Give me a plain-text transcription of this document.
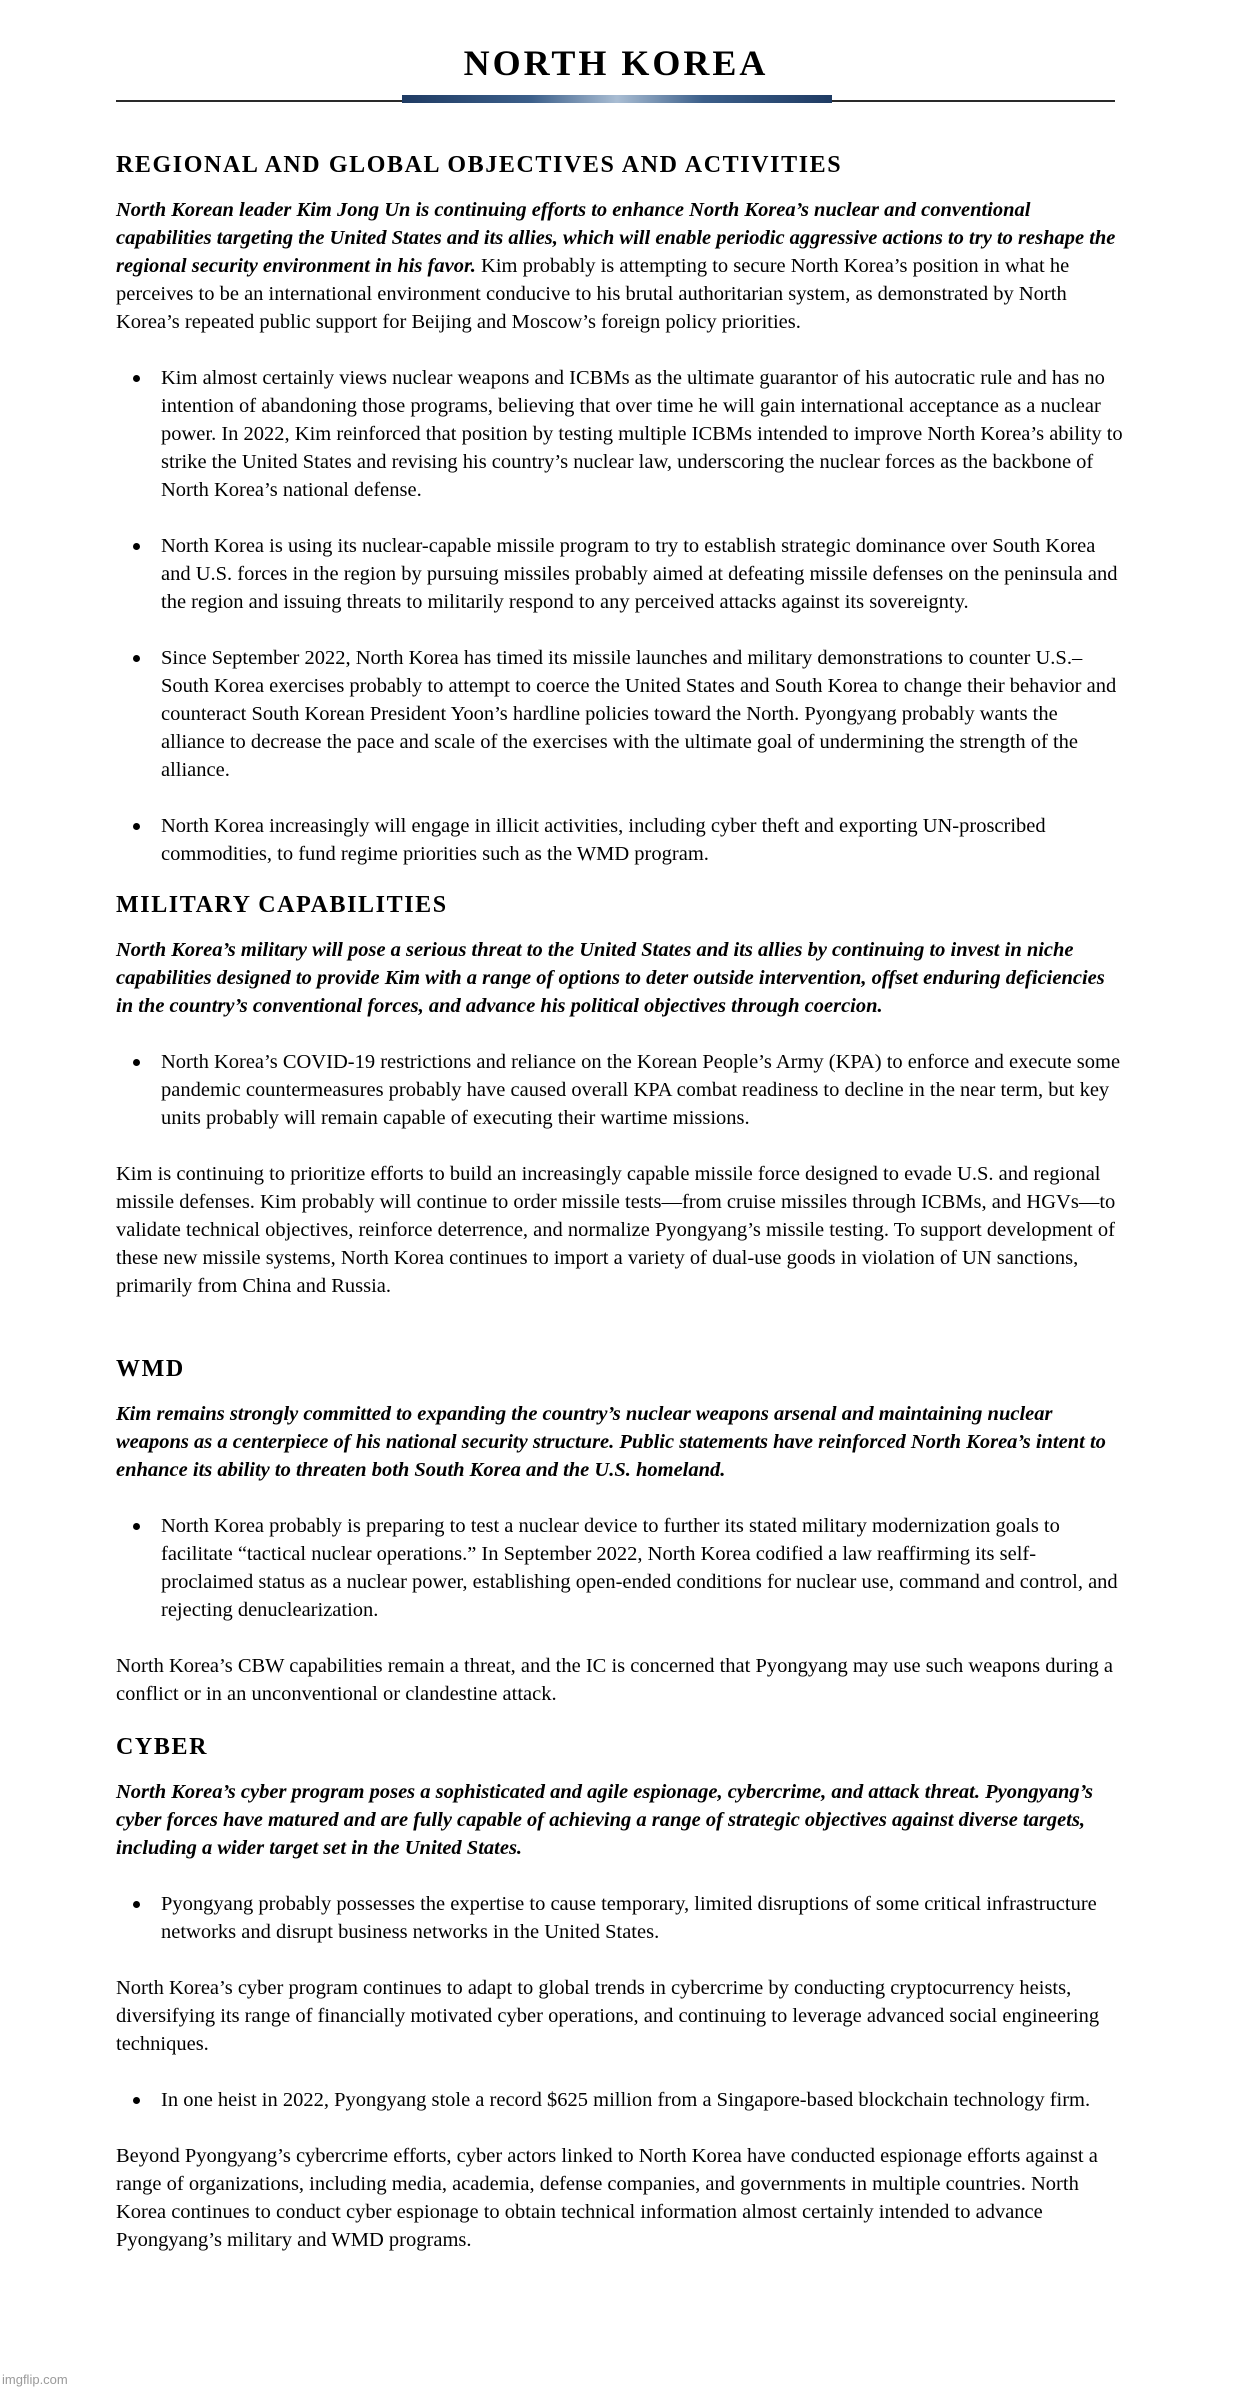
NORTH KOREA
REGIONAL AND GLOBAL OBJECTIVES AND ACTIVITIES

North Korean leader Kim Jong Un is continuing efforts to enhance North Korea’s nuclear and conventional capabilities targeting the United States and its allies, which will enable periodic aggressive actions to try to reshape the regional security environment in his favor. Kim probably is attempting to secure North Korea’s position in what he perceives to be an international environment conducive to his brutal authoritarian system, as demonstrated by North Korea’s repeated public support for Beijing and Moscow’s foreign policy priorities.

Kim almost certainly views nuclear weapons and ICBMs as the ultimate guarantor of his autocratic rule and has no intention of abandoning those programs, believing that over time he will gain international acceptance as a nuclear power. In 2022, Kim reinforced that position by testing multiple ICBMs intended to improve North Korea’s ability to strike the United States and revising his country’s nuclear law, underscoring the nuclear forces as the backbone of North Korea’s national defense.
North Korea is using its nuclear-capable missile program to try to establish strategic dominance over South Korea and U.S. forces in the region by pursuing missiles probably aimed at defeating missile defenses on the peninsula and the region and issuing threats to militarily respond to any perceived attacks against its sovereignty.
Since September 2022, North Korea has timed its missile launches and military demonstrations to counter U.S.–South Korea exercises probably to attempt to coerce the United States and South Korea to change their behavior and counteract South Korean President Yoon’s hardline policies toward the North. Pyongyang probably wants the alliance to decrease the pace and scale of the exercises with the ultimate goal of undermining the strength of the alliance.
North Korea increasingly will engage in illicit activities, including cyber theft and exporting UN-proscribed commodities, to fund regime priorities such as the WMD program.
MILITARY CAPABILITIES

North Korea’s military will pose a serious threat to the United States and its allies by continuing to invest in niche capabilities designed to provide Kim with a range of options to deter outside intervention, offset enduring deficiencies in the country’s conventional forces, and advance his political objectives through coercion.

North Korea’s COVID-19 restrictions and reliance on the Korean People’s Army (KPA) to enforce and execute some pandemic countermeasures probably have caused overall KPA combat readiness to decline in the near term, but key units probably will remain capable of executing their wartime missions.

Kim is continuing to prioritize efforts to build an increasingly capable missile force designed to evade U.S. and regional missile defenses. Kim probably will continue to order missile tests—from cruise missiles through ICBMs, and HGVs—to validate technical objectives, reinforce deterrence, and normalize Pyongyang’s missile testing. To support development of these new missile systems, North Korea continues to import a variety of dual-use goods in violation of UN sanctions, primarily from China and Russia.

WMD

Kim remains strongly committed to expanding the country’s nuclear weapons arsenal and maintaining nuclear weapons as a centerpiece of his national security structure. Public statements have reinforced North Korea’s intent to enhance its ability to threaten both South Korea and the U.S. homeland.

North Korea probably is preparing to test a nuclear device to further its stated military modernization goals to facilitate “tactical nuclear operations.” In September 2022, North Korea codified a law reaffirming its self-proclaimed status as a nuclear power, establishing open-ended conditions for nuclear use, command and control, and rejecting denuclearization.

North Korea’s CBW capabilities remain a threat, and the IC is concerned that Pyongyang may use such weapons during a conflict or in an unconventional or clandestine attack.

CYBER

North Korea’s cyber program poses a sophisticated and agile espionage, cybercrime, and attack threat. Pyongyang’s cyber forces have matured and are fully capable of achieving a range of strategic objectives against diverse targets, including a wider target set in the United States.

Pyongyang probably possesses the expertise to cause temporary, limited disruptions of some critical infrastructure networks and disrupt business networks in the United States.

North Korea’s cyber program continues to adapt to global trends in cybercrime by conducting cryptocurrency heists, diversifying its range of financially motivated cyber operations, and continuing to leverage advanced social engineering techniques.

In one heist in 2022, Pyongyang stole a record $625 million from a Singapore-based blockchain technology firm.

Beyond Pyongyang’s cybercrime efforts, cyber actors linked to North Korea have conducted espionage efforts against a range of organizations, including media, academia, defense companies, and governments in multiple countries. North Korea continues to conduct cyber espionage to obtain technical information almost certainly intended to advance Pyongyang’s military and WMD programs.

imgflip.com
